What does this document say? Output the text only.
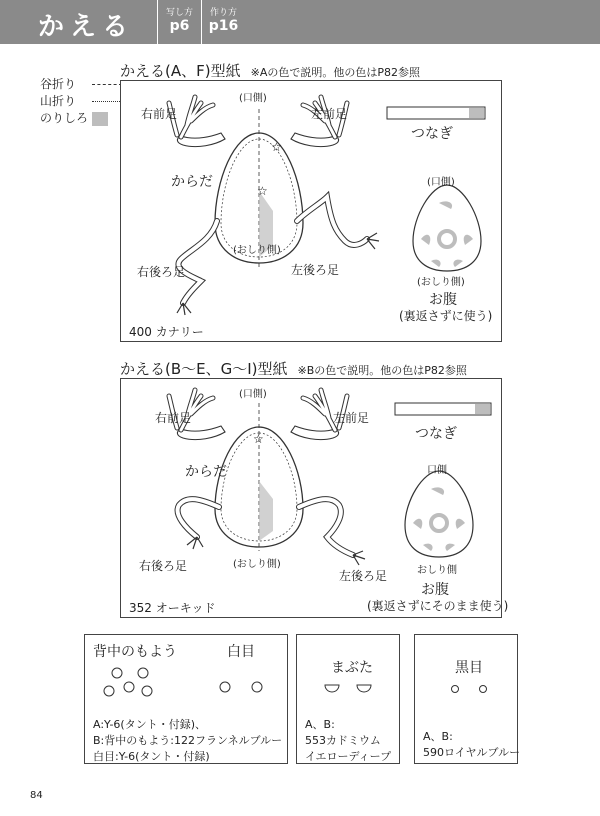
かえる	写し方
p6
作り方
p16
谷折り
山折り
のりしろ
かえる(A、F)型紙 ※Aの色で説明。他の色はP82参照
☆
☆
(口側)
(おしり側)
右前足	左前足
からだ
右後ろ足	左後ろ足
つなぎ
(口側)
(おしり側)
お腹
(裏返さずに使う)
400 カナリー
かえる(B〜E、G〜I)型紙 ※Bの色で説明。他の色はP82参照
☆
(口側)
(おしり側)
右前足	左前足
からだ
右後ろ足
左後ろ足
つなぎ
口側
おしり側
お腹
(裏返さずにそのまま使う)
352 オーキッド
背中のもよう	白目
A:Y-6(タント・付録)、
B:背中のもよう:122フランネルブルー
白目:Y-6(タント・付録)
まぶた
A、B:
553カドミウム
イエローディープ
黒目
A、B:
590ロイヤルブルー
84
